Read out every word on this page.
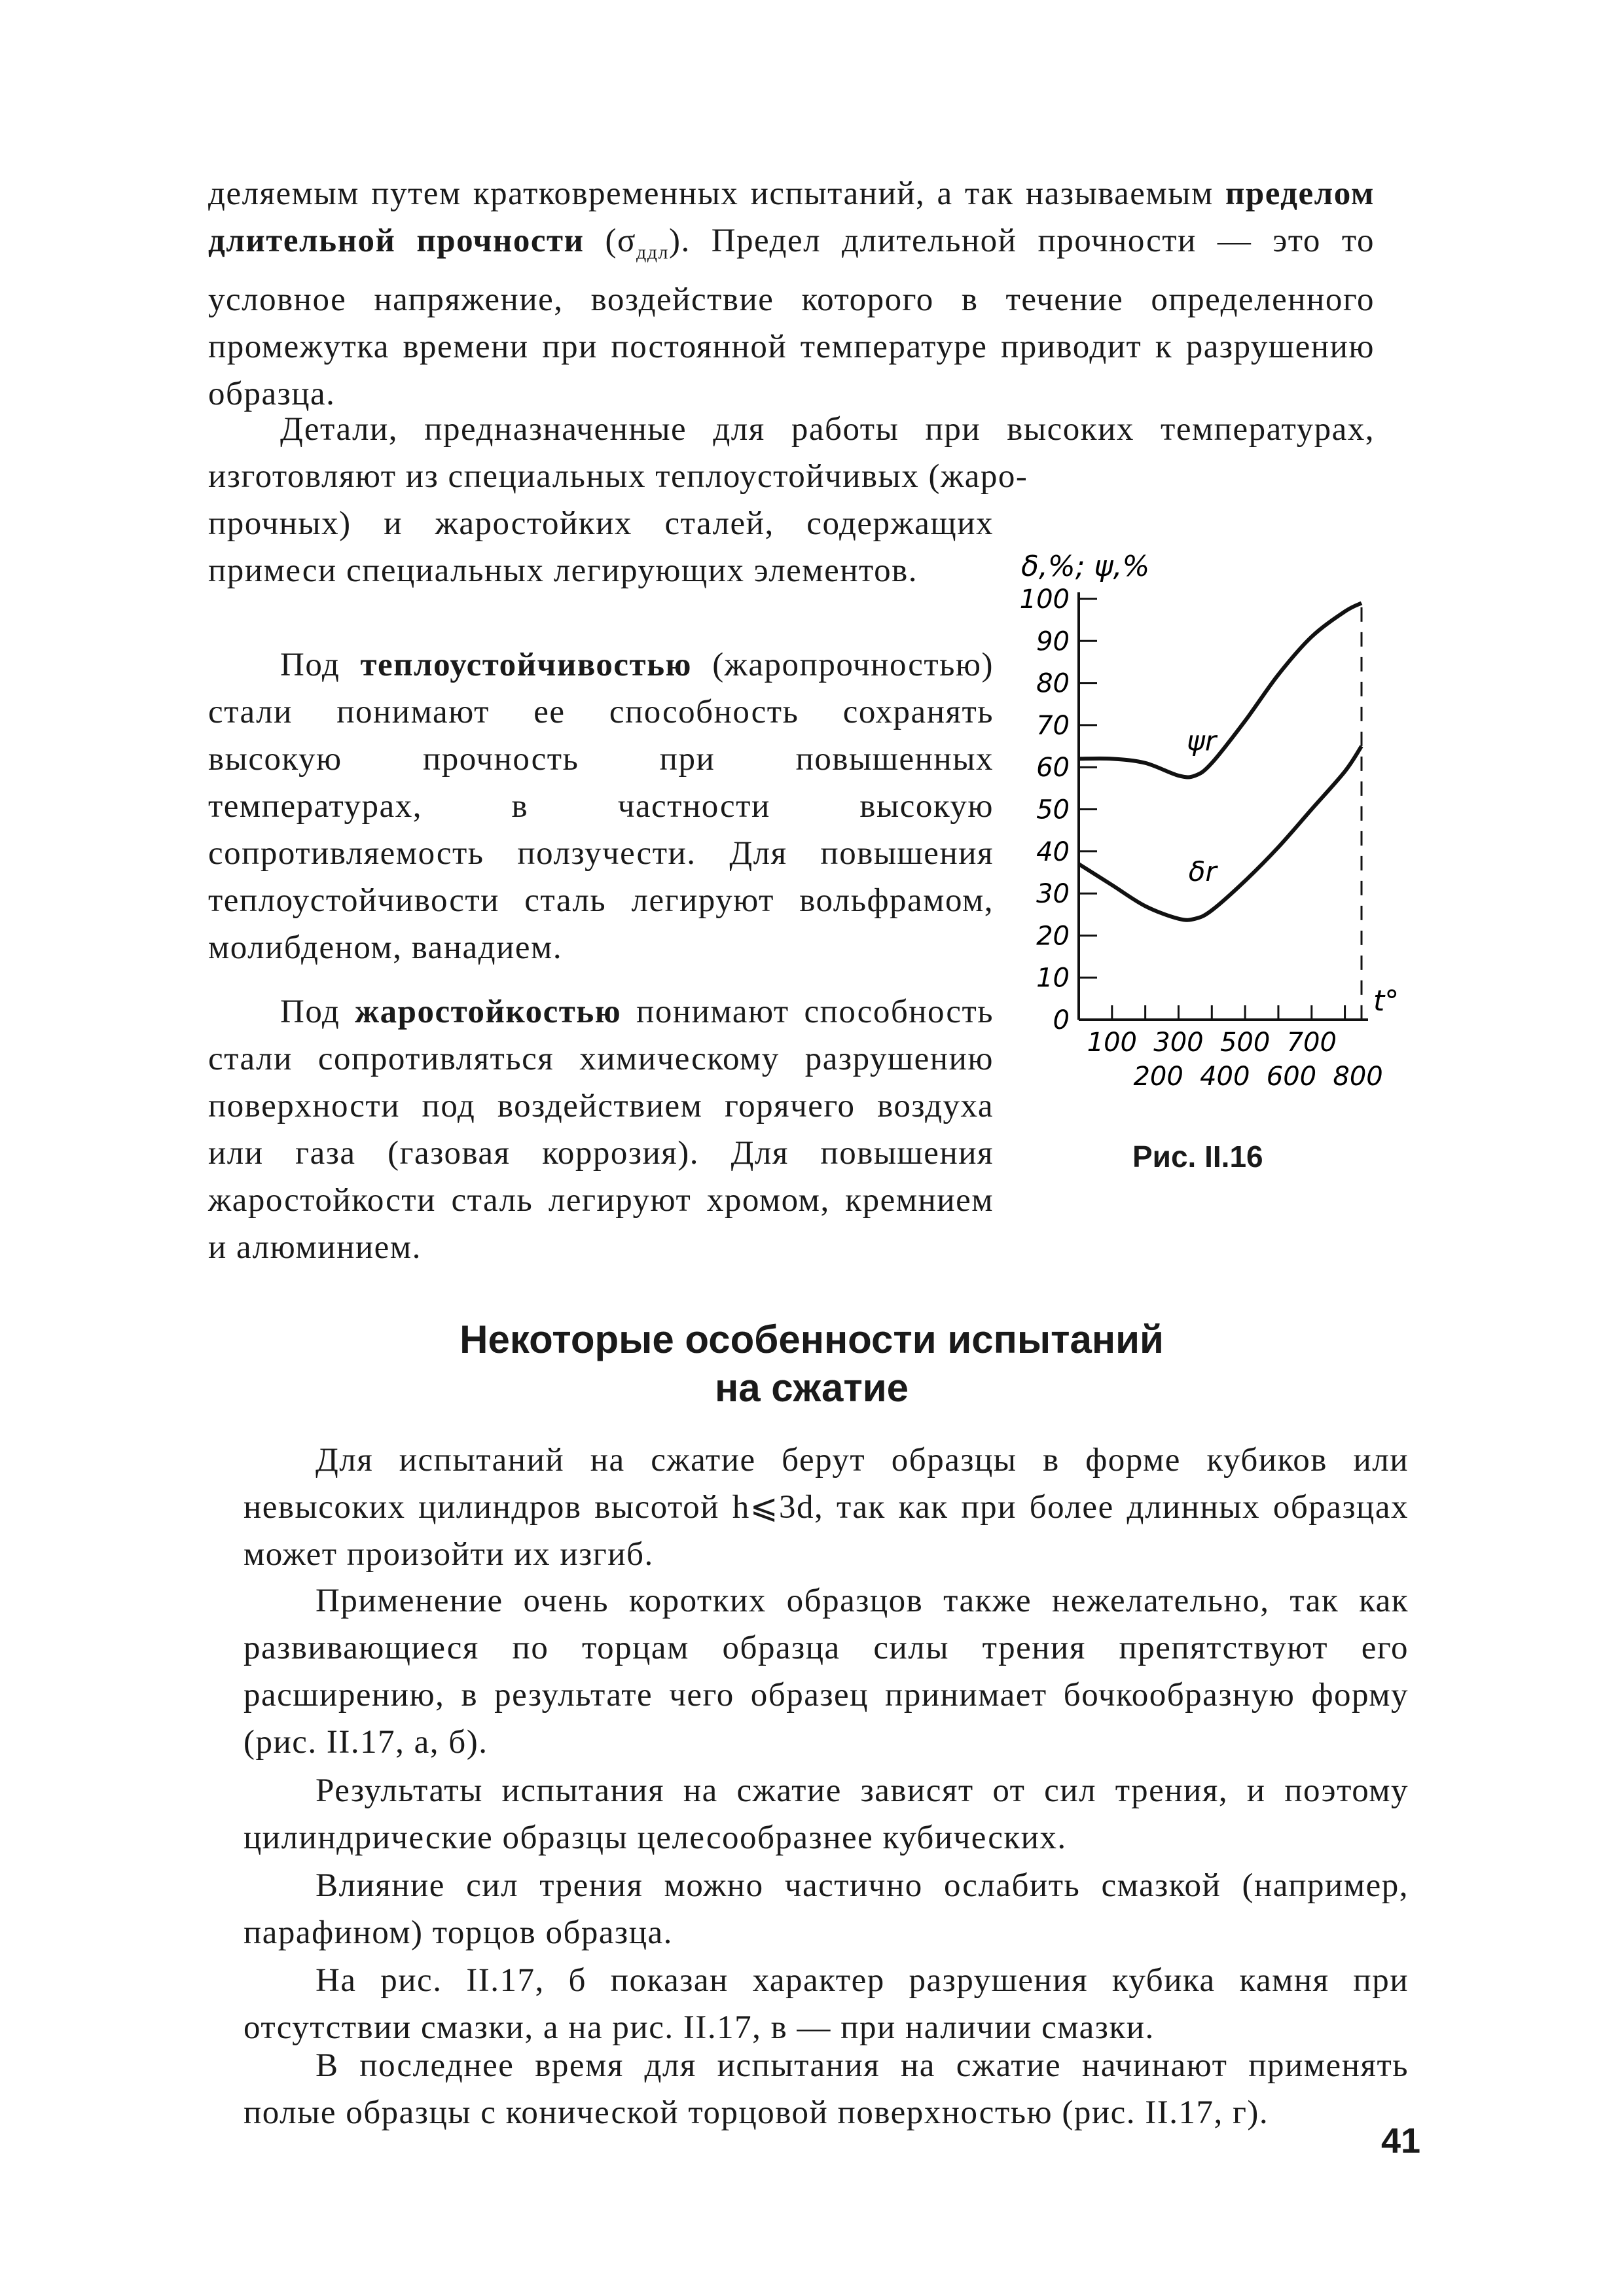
деляемым путем кратковременных испытаний, а так называемым пределом длительной прочности $(\sigma_{ддл})$. Предел длительной прочности — это то условное напряжение, воздействие которого в течение определенного промежутка времени при постоянной температуре приводит к разрушению образца.

Детали, предназначенные для работы при высоких температурах, изготовляют из специальных теплоустойчивых (жаро-

прочных) и жаростойких сталей, содержащих примеси специальных легирующих элементов.

Под теплоустойчивостью (жаропрочностью) стали понимают ее способность сохранять высокую прочность при повышенных температурах, в частности высокую сопротивляемость ползучести. Для повышения теплоустойчивости сталь легируют вольфрамом, молибденом, ванадием.

Под жаростойкостью понимают способность стали сопротивляться химическому разрушению поверхности под воздействием горячего воздуха или газа (газовая коррозия). Для повышения жаростойкости сталь легируют хромом, кремнием и алюминием.

Некоторые особенности испытаний
на сжатие

Для испытаний на сжатие берут образцы в форме кубиков или невысоких цилиндров высотой h⩽3d, так как при более длинных образцах может произойти их изгиб.

Применение очень коротких образцов также нежелательно, так как развивающиеся по торцам образца силы трения препятствуют его расширению, в результате чего образец принимает бочкообразную форму (рис. II.17, а, б).

Результаты испытания на сжатие зависят от сил трения, и поэтому цилиндрические образцы целесообразнее кубических.

Влияние сил трения можно частично ослабить смазкой (например, парафином) торцов образца.

На рис. II.17, б показан характер разрушения кубика камня при отсутствии смазки, а на рис. II.17, в — при наличии смазки.

В последнее время для испытания на сжатие начинают применять полые образцы с конической торцовой поверхностью (рис. II.17, г).

0
10
20
30
40
50
60
70
80
90
100
100 300 500 700
200 400 600 800
δ,%; ψ,%
t°
ψr
δr
Рис. II.16
41
